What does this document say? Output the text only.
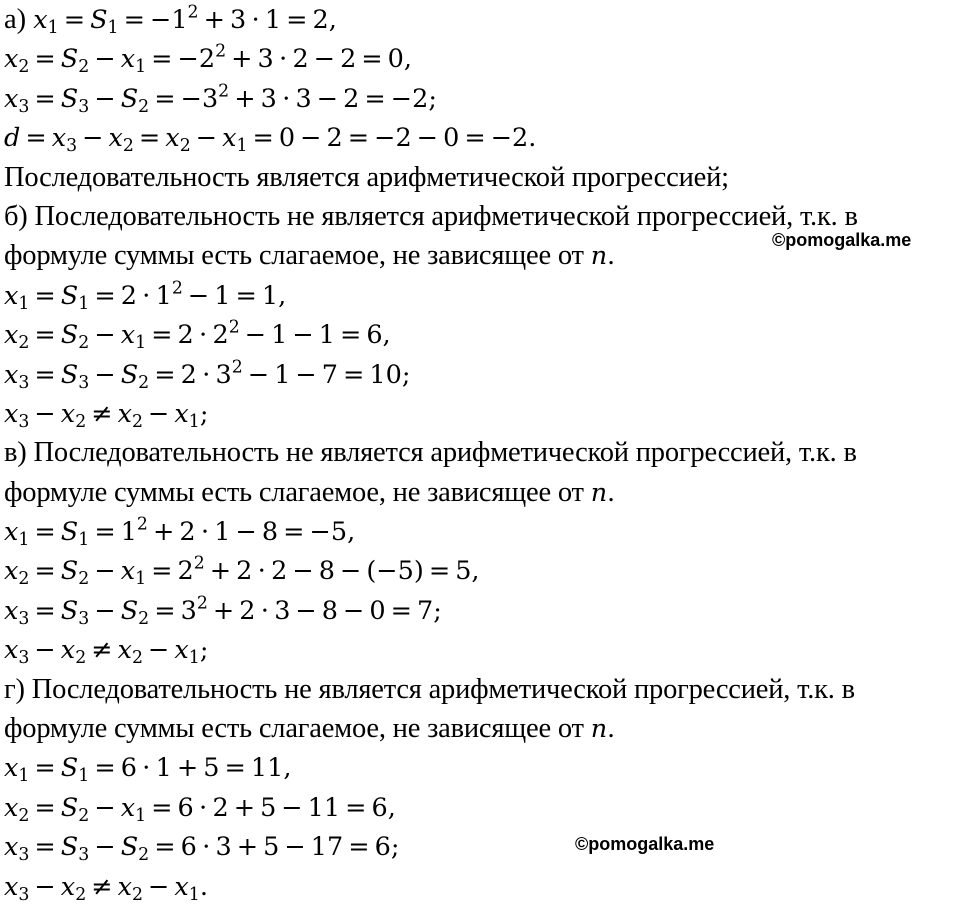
а) $x_1 = S_1 = -1^2 + 3 \cdot 1 = 2$,
$x_2 = S_2 - x_1 = -2^2 + 3 \cdot 2 - 2 = 0$,
$x_3 = S_3 - S_2 = -3^2 + 3 \cdot 3 - 2 = -2$;
$d = x_3 - x_2 = x_2 - x_1 = 0 - 2 = -2 - 0 = -2$.
Последовательность является арифметической прогрессией;
б) Последовательность не является арифметической прогрессией, т.к. в
формуле суммы есть слагаемое, не зависящее от n.
$x_1 = S_1 = 2 \cdot 1^2 - 1 = 1$,
$x_2 = S_2 - x_1 = 2 \cdot 2^2 - 1 - 1 = 6$,
$x_3 = S_3 - S_2 = 2 \cdot 3^2 - 1 - 7 = 10$;
$x_3 - x_2 \ne x_2 - x_1$;
в) Последовательность не является арифметической прогрессией, т.к. в
формуле суммы есть слагаемое, не зависящее от n.
$x_1 = S_1 = 1^2 + 2 \cdot 1 - 8 = -5$,
$x_2 = S_2 - x_1 = 2^2 + 2 \cdot 2 - 8 - (-5) = 5$,
$x_3 = S_3 - S_2 = 3^2 + 2 \cdot 3 - 8 - 0 = 7$;
$x_3 - x_2 \ne x_2 - x_1$;
г) Последовательность не является арифметической прогрессией, т.к. в
формуле суммы есть слагаемое, не зависящее от n.
$x_1 = S_1 = 6 \cdot 1 + 5 = 11$,
$x_2 = S_2 - x_1 = 6 \cdot 2 + 5 - 11 = 6$,
$x_3 = S_3 - S_2 = 6 \cdot 3 + 5 - 17 = 6$;
$x_3 - x_2 \ne x_2 - x_1$.
©pomogalka.me
©pomogalka.me
